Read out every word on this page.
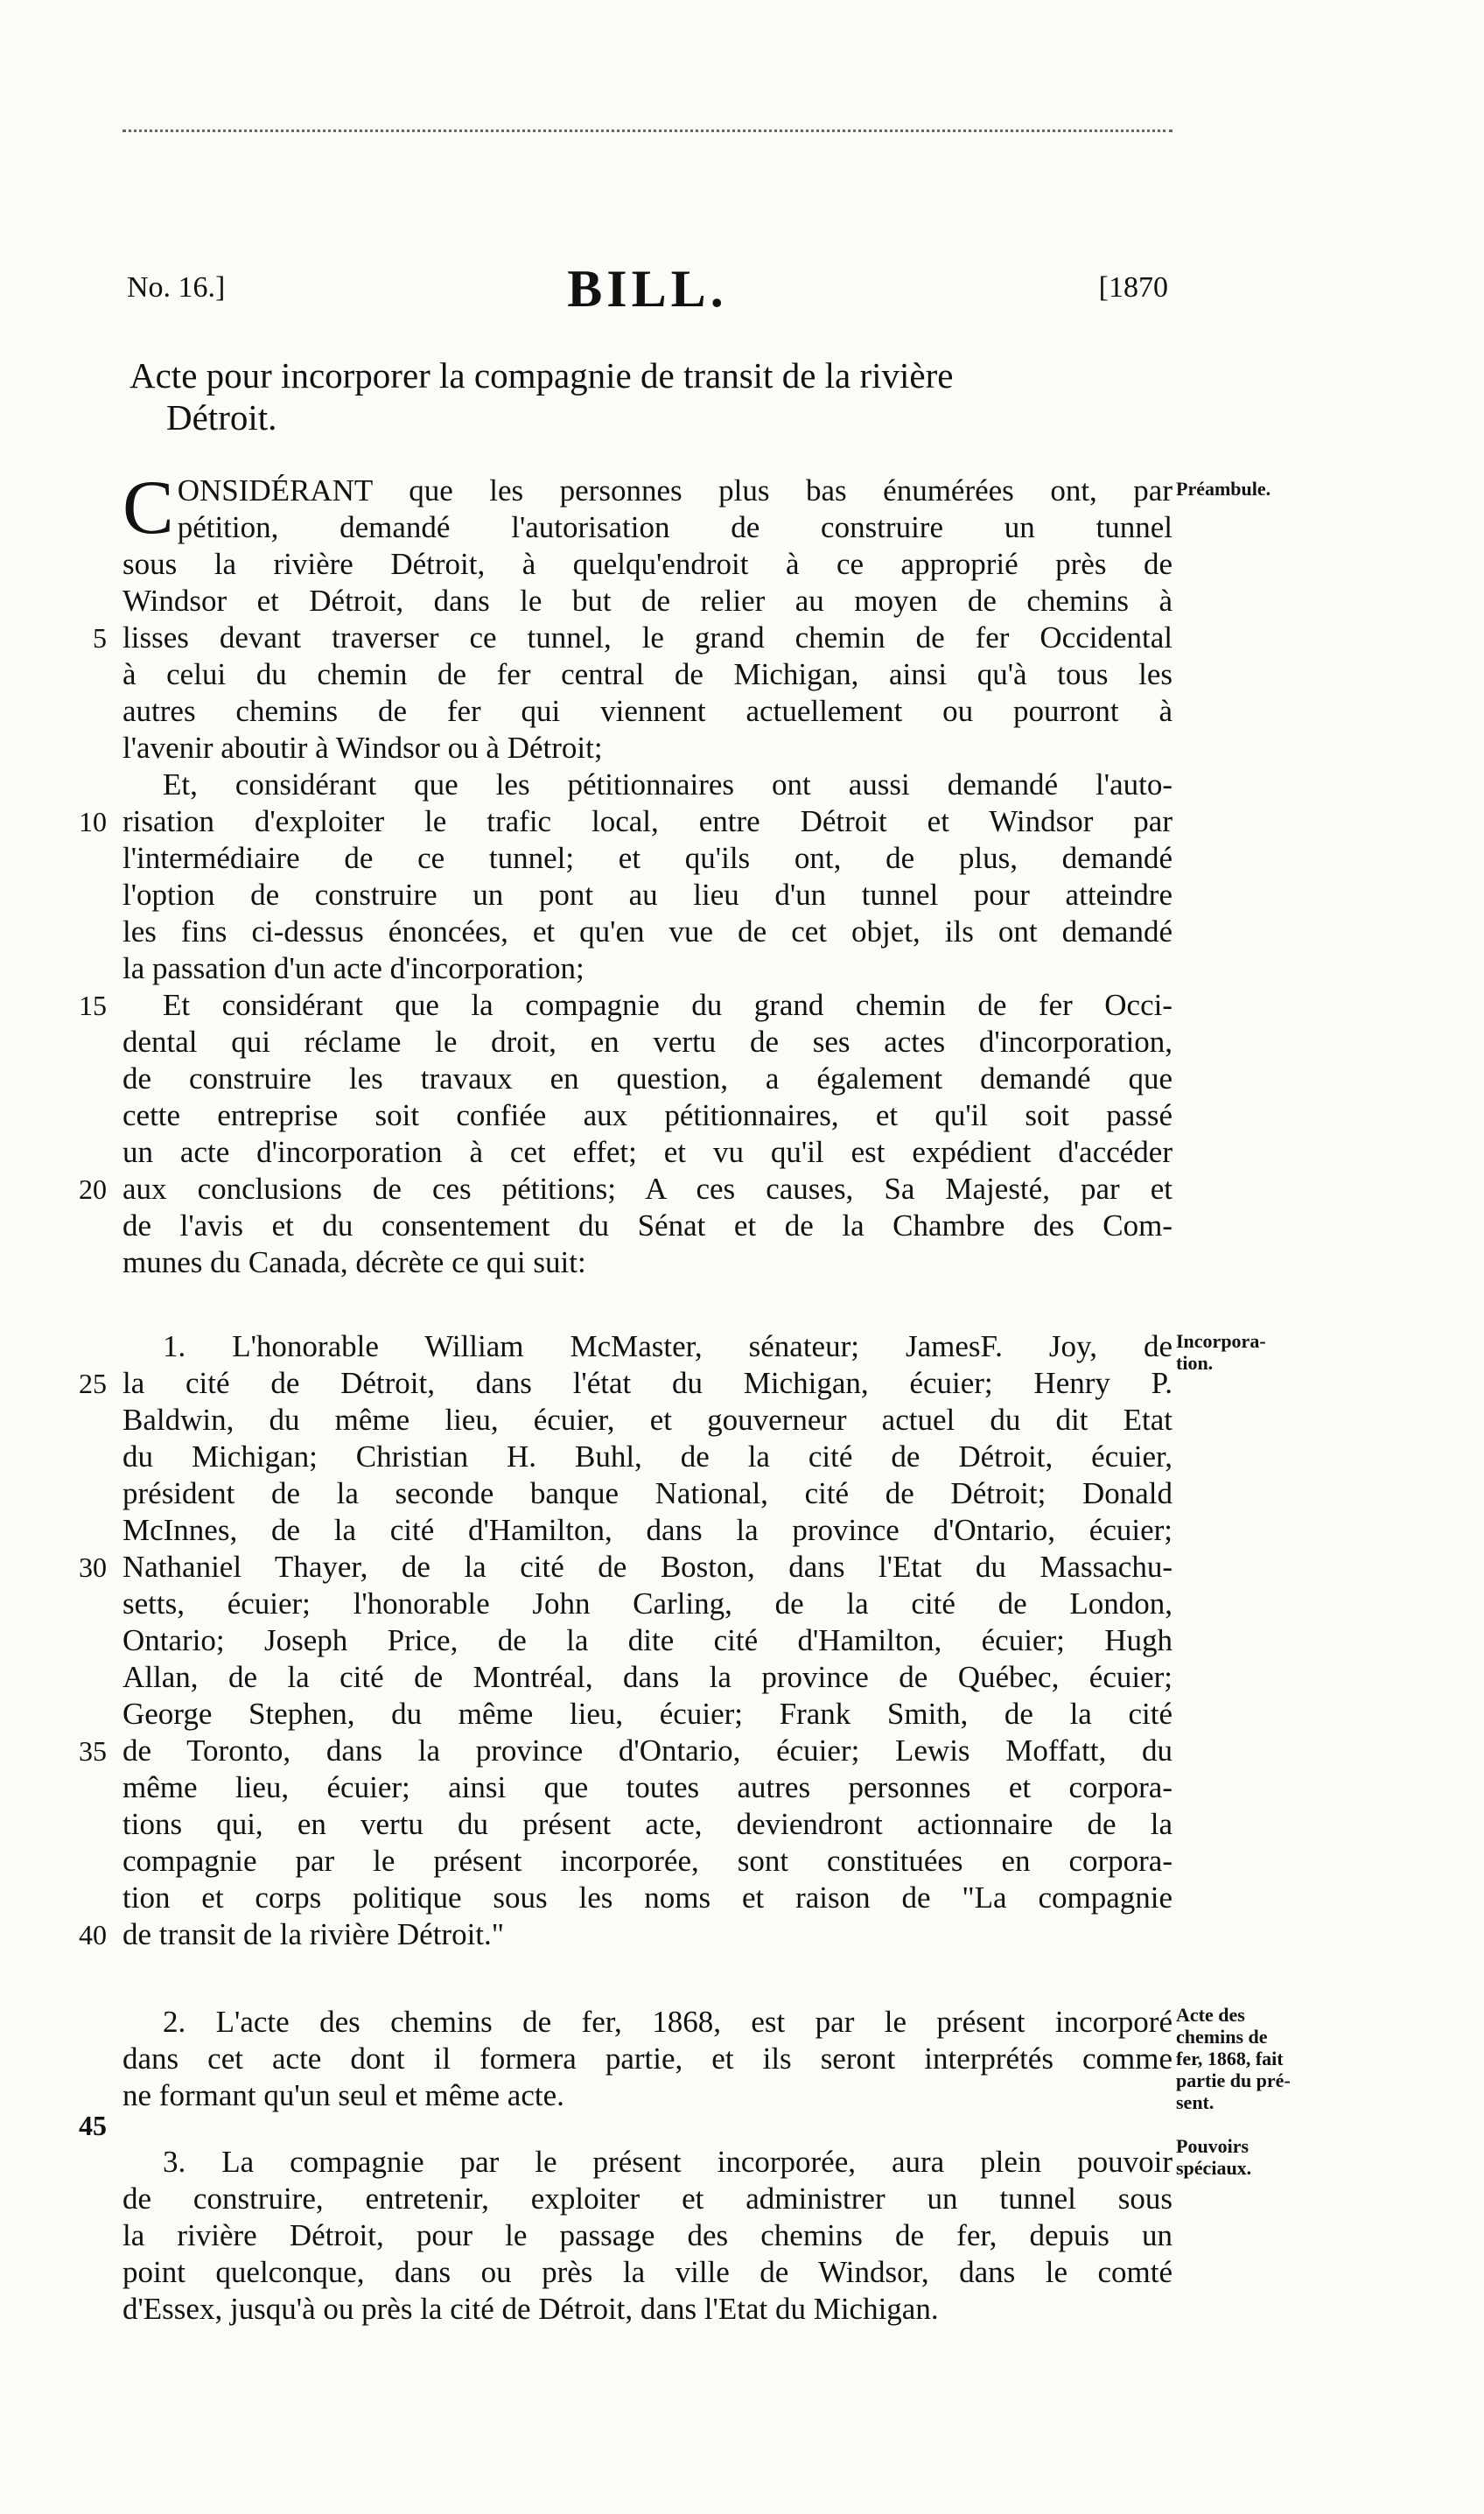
No. 16.]	BILL.	[1870
Acte pour incorporer la compagnie de transit de la rivière
Détroit.
C ONSIDÉRANT que les personnes plus bas énumérées ont, par
pétition, demandé l'autorisation de construire un tunnel
sous la rivière Détroit, à quelqu'endroit à ce approprié près de
Windsor et Détroit, dans le but de relier au moyen de chemins à
lisses devant traverser ce tunnel, le grand chemin de fer Occidental
à celui du chemin de fer central de Michigan, ainsi qu'à tous les
autres chemins de fer qui viennent actuellement ou pourront à
l'avenir aboutir à Windsor ou à Détroit;
Et, considérant que les pétitionnaires ont aussi demandé l'auto-
risation d'exploiter le trafic local, entre Détroit et Windsor par
l'intermédiaire de ce tunnel; et qu'ils ont, de plus, demandé
l'option de construire un pont au lieu d'un tunnel pour atteindre
les fins ci-dessus énoncées, et qu'en vue de cet objet, ils ont demandé
la passation d'un acte d'incorporation;
Et considérant que la compagnie du grand chemin de fer Occi-
dental qui réclame le droit, en vertu de ses actes d'incorporation,
de construire les travaux en question, a également demandé que
cette entreprise soit confiée aux pétitionnaires, et qu'il soit passé
un acte d'incorporation à cet effet; et vu qu'il est expédient d'accéder
aux conclusions de ces pétitions; A ces causes, Sa Majesté, par et
de l'avis et du consentement du Sénat et de la Chambre des Com-
munes du Canada, décrète ce qui suit:
1. L'honorable William McMaster, sénateur; JamesF. Joy, de
la cité de Détroit, dans l'état du Michigan, écuier; Henry P.
Baldwin, du même lieu, écuier, et gouverneur actuel du dit Etat
du Michigan; Christian H. Buhl, de la cité de Détroit, écuier,
président de la seconde banque National, cité de Détroit; Donald
McInnes, de la cité d'Hamilton, dans la province d'Ontario, écuier;
Nathaniel Thayer, de la cité de Boston, dans l'Etat du Massachu-
setts, écuier; l'honorable John Carling, de la cité de London,
Ontario; Joseph Price, de la dite cité d'Hamilton, écuier; Hugh
Allan, de la cité de Montréal, dans la province de Québec, écuier;
George Stephen, du même lieu, écuier; Frank Smith, de la cité
de Toronto, dans la province d'Ontario, écuier; Lewis Moffatt, du
même lieu, écuier; ainsi que toutes autres personnes et corpora-
tions qui, en vertu du présent acte, deviendront actionnaire de la
compagnie par le présent incorporée, sont constituées en corpora-
tion et corps politique sous les noms et raison de "La compagnie
de transit de la rivière Détroit."
2. L'acte des chemins de fer, 1868, est par le présent incorporé
dans cet acte dont il formera partie, et ils seront interprétés comme
ne formant qu'un seul et même acte.
3. La compagnie par le présent incorporée, aura plein pouvoir
de construire, entretenir, exploiter et administrer un tunnel sous
la rivière Détroit, pour le passage des chemins de fer, depuis un
point quelconque, dans ou près la ville de Windsor, dans le comté
d'Essex, jusqu'à ou près la cité de Détroit, dans l'Etat du Michigan.
5
10
15
20
25
30
35
40
45
Préambule.
Incorpora-
tion.
Acte des
chemins de
fer, 1868, fait
partie du pré-
sent.
Pouvoirs
spéciaux.
